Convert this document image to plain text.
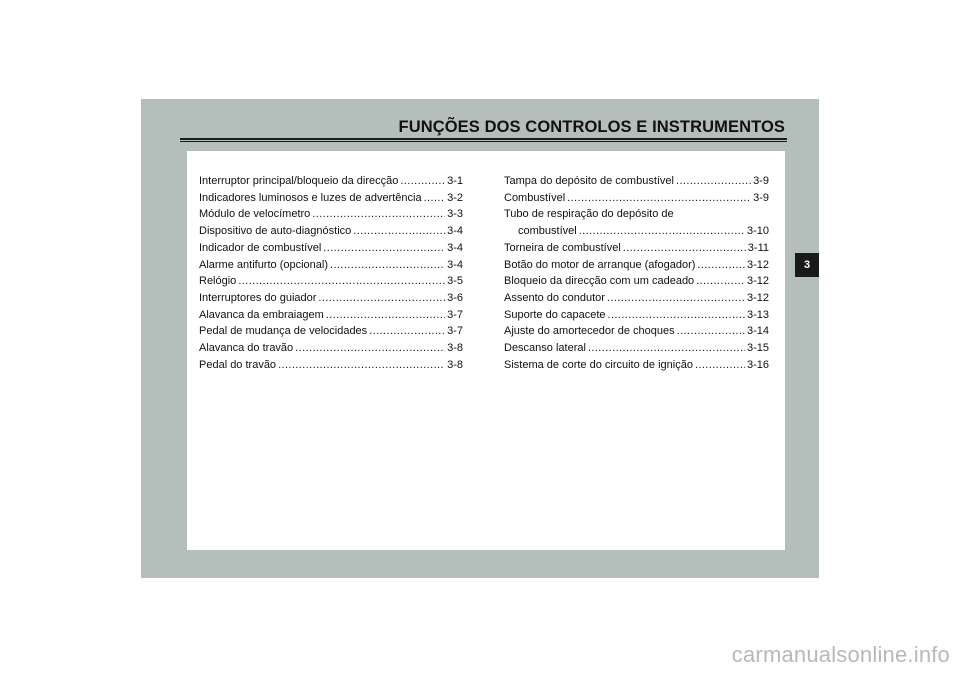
FUNÇÕES DOS CONTROLOS E INSTRUMENTOS
Interruptor principal/bloqueio da direcção .....	3-1
Indicadores luminosos e luzes de advertência ..... 3-2
Módulo de velocímetro .....	3-3
Dispositivo de auto-diagnóstico .....	3-4
Indicador de combustível .....	3-4
Alarme antifurto (opcional) .....	3-4
Relógio .....	3-5
Interruptores do guiador .....	3-6
Alavanca da embraiagem .....	3-7
Pedal de mudança de velocidades .....	3-7
Alavanca do travão .....	3-8
Pedal do travão .....	3-8
Tampa do depósito de combustível .....	3-9
Combustível .....	3-9
Tubo de respiração do depósito de
combustível .....	3-10
Torneira de combustível .....	3-11
Botão do motor de arranque (afogador) .....	3-12
Bloqueio da direcção com um cadeado .....	3-12
Assento do condutor .....	3-12
Suporte do capacete .....	3-13
Ajuste do amortecedor de choques .....	3-14
Descanso lateral .....	3-15
Sistema de corte do circuito de ignição .....	3-16
3
carmanualsonline.info
